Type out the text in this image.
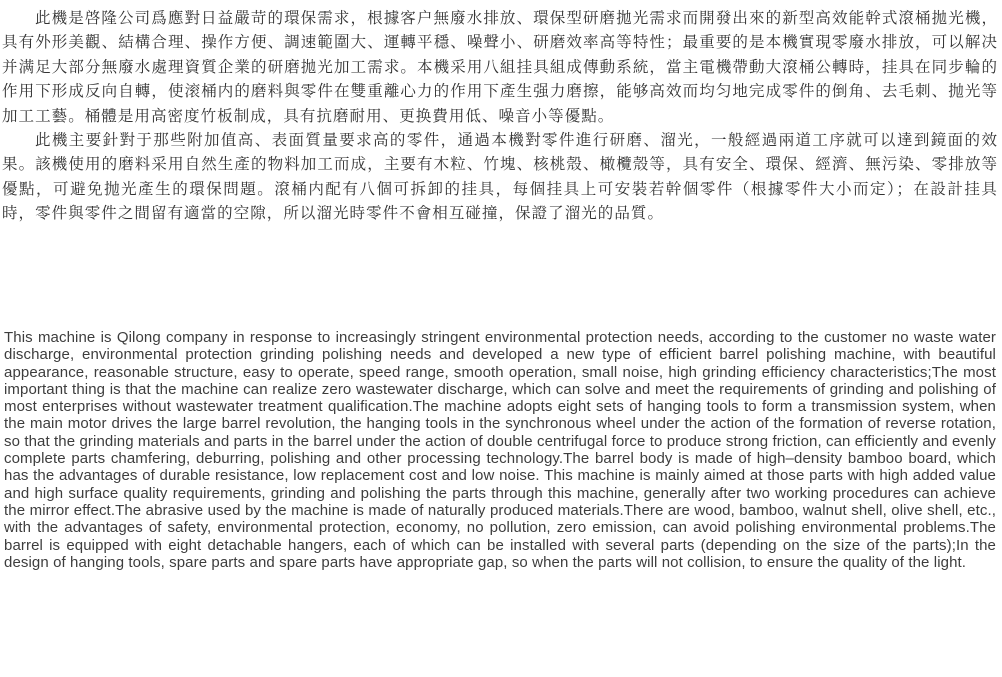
此機是啓隆公司爲應對日益嚴苛的環保需求，根據客户無廢水排放、環保型研磨拋光需求而開發出來的新型高效能幹式滾桶拋光機，具有外形美觀、結構合理、操作方便、調速範圍大、運轉平穩、噪聲小、研磨效率高等特性；最重要的是本機實現零廢水排放，可以解决并满足大部分無廢水處理資質企業的研磨拋光加工需求。本機采用八組挂具組成傳動系統，當主電機帶動大滾桶公轉時，挂具在同步輪的作用下形成反向自轉，使滚桶内的磨料與零件在雙重離心力的作用下產生强力磨擦，能够高效而均匀地完成零件的倒角、去毛刺、抛光等加工工藝。桶體是用高密度竹板制成，具有抗磨耐用、更换費用低、噪音小等優點。

此機主要針對于那些附加值高、表面質量要求高的零件，通過本機對零件進行研磨、溜光，一般經過兩道工序就可以達到鏡面的效果。該機使用的磨料采用自然生產的物料加工而成，主要有木粒、竹塊、核桃殼、橄欖殼等，具有安全、環保、經濟、無污染、零排放等優點，可避免抛光產生的環保問題。滾桶内配有八個可拆卸的挂具，每個挂具上可安裝若幹個零件（根據零件大小而定）；在設計挂具時，零件與零件之間留有適當的空隙，所以溜光時零件不會相互碰撞，保證了溜光的品質。

This machine is Qilong company in response to increasingly stringent environmental protection needs, according to the customer no waste water discharge, environmental protection grinding polishing needs and developed a new type of efficient barrel polishing machine, with beautiful appearance, reasonable structure, easy to operate, speed range, smooth operation, small noise, high grinding efficiency characteristics;The most important thing is that the machine can realize zero wastewater discharge, which can solve and meet the requirements of grinding and polishing of most enterprises without wastewater treatment qualification.The machine adopts eight sets of hanging tools to form a transmission system, when the main motor drives the large barrel revolution, the hanging tools in the synchronous wheel under the action of the formation of reverse rotation, so that the grinding materials and parts in the barrel under the action of double centrifugal force to produce strong friction, can efficiently and evenly complete parts chamfering, deburring, polishing and other processing technology.The barrel body is made of high–density bamboo board, which has the advantages of durable resistance, low replacement cost and low noise. This machine is mainly aimed at those parts with high added value and high surface quality requirements, grinding and polishing the parts through this machine, generally after two working procedures can achieve the mirror effect.The abrasive used by the machine is made of naturally produced materials.There are wood, bamboo, walnut shell, olive shell, etc., with the advantages of safety, environmental protection, economy, no pollution, zero emission, can avoid polishing environmental problems.The barrel is equipped with eight detachable hangers, each of which can be installed with several parts (depending on the size of the parts);In the design of hanging tools, spare parts and spare parts have appropriate gap, so when the parts will not collision, to ensure the quality of the light.
